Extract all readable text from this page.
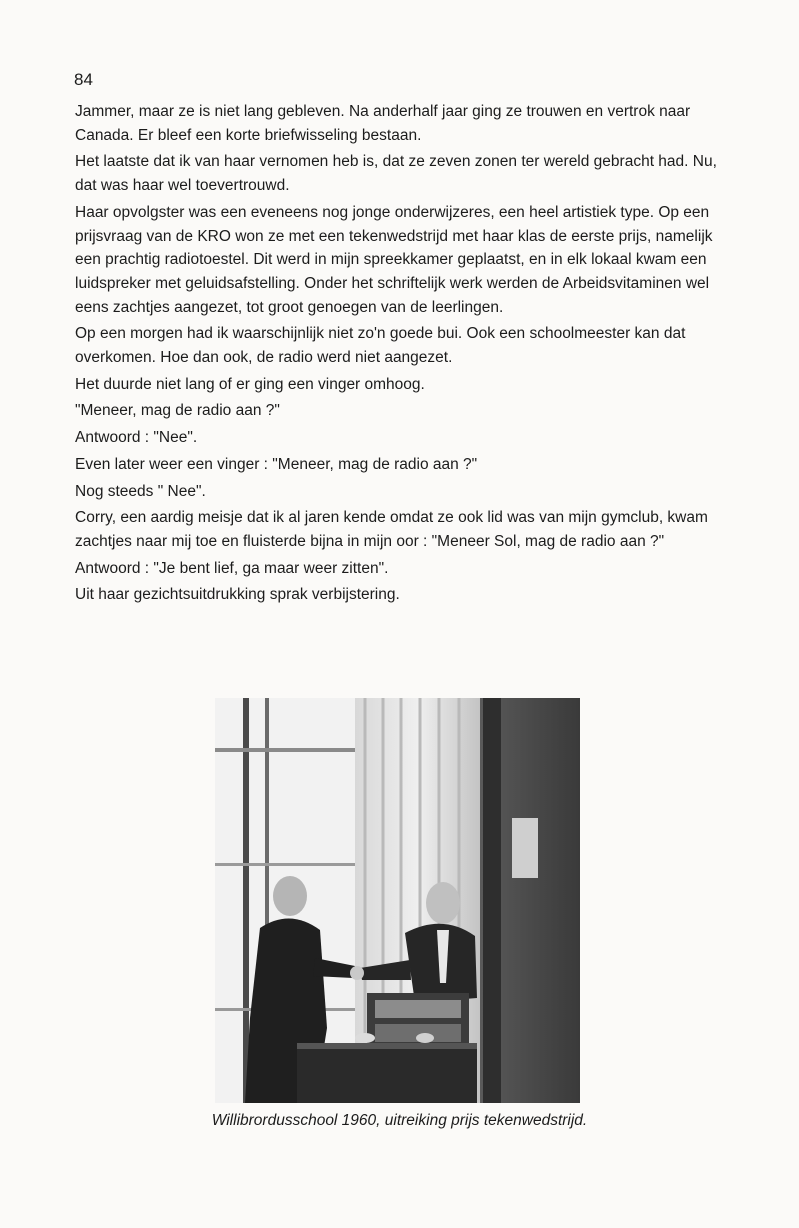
84

Jammer, maar ze is niet lang gebleven. Na anderhalf jaar ging ze trouwen en vertrok naar Canada. Er bleef een korte briefwisseling bestaan.

Het laatste dat ik van haar vernomen heb is, dat ze zeven zonen ter wereld gebracht had. Nu, dat was haar wel toevertrouwd.

Haar opvolgster was een eveneens nog jonge onderwijzeres, een heel artistiek type. Op een prijsvraag van de KRO won ze met een tekenwedstrijd met haar klas de eerste prijs, namelijk een prachtig radiotoestel. Dit werd in mijn spreekkamer geplaatst, en in elk lokaal kwam een luidspreker met geluidsafstelling. Onder het schriftelijk werk werden de Arbeidsvitaminen wel eens zachtjes aangezet, tot groot genoegen van de leerlingen.

Op een morgen had ik waarschijnlijk niet zo'n goede bui. Ook een schoolmeester kan dat overkomen. Hoe dan ook, de radio werd niet aangezet.

Het duurde niet lang of er ging een vinger omhoog.

"Meneer, mag de radio aan ?"

Antwoord : "Nee".

Even later weer een vinger : "Meneer, mag de radio aan ?"

Nog steeds " Nee".

Corry, een aardig meisje dat ik al jaren kende omdat ze ook lid was van mijn gymclub, kwam zachtjes naar mij toe en fluisterde bijna in mijn oor : "Meneer Sol, mag de radio aan ?"

Antwoord : "Je bent lief, ga maar weer zitten".

Uit haar gezichtsuitdrukking sprak verbijstering.

Willibrordusschool 1960, uitreiking prijs tekenwedstrijd.
